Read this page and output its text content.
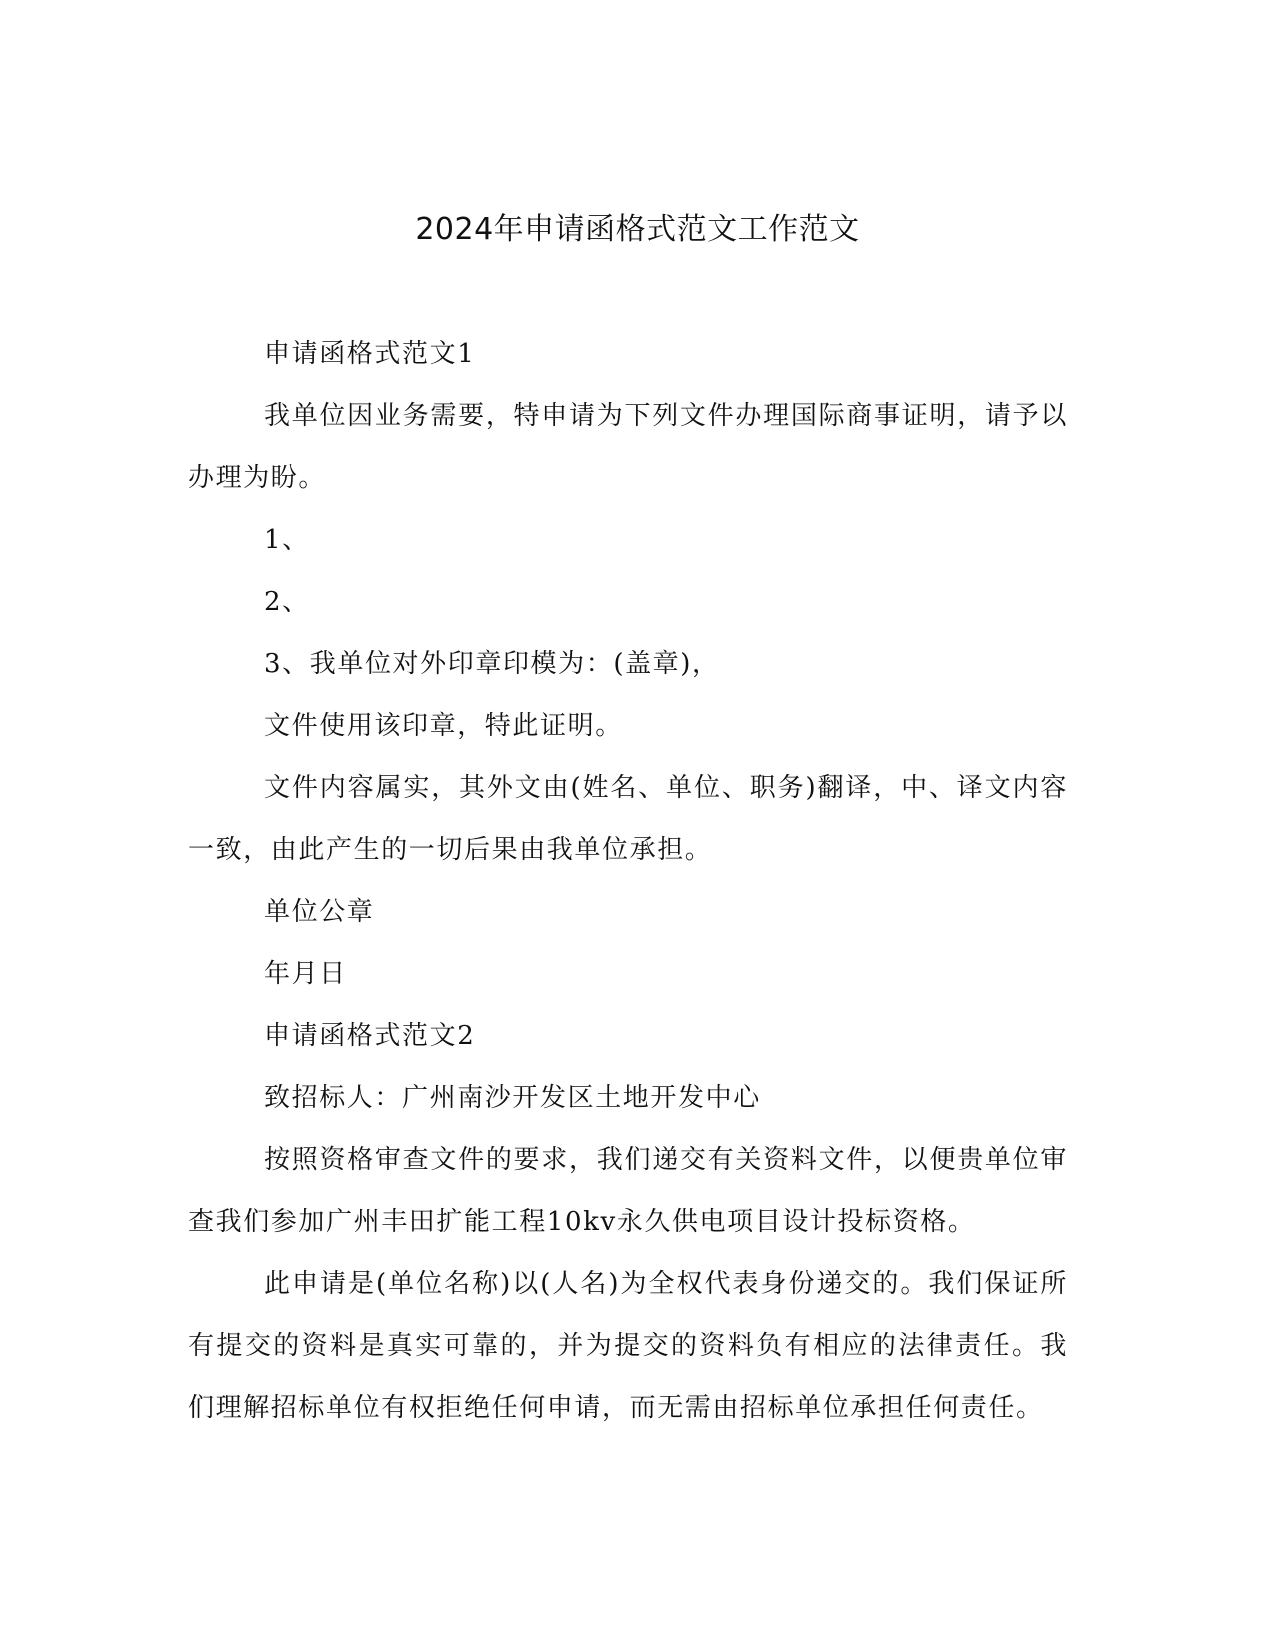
2024年申请函格式范文工作范文

申请函格式范文1

我单位因业务需要，特申请为下列文件办理国际商事证明，请予以办理为盼。

1、

2、

3、我单位对外印章印模为：(盖章)，

文件使用该印章，特此证明。

文件内容属实，其外文由(姓名、单位、职务)翻译，中、译文内容一致，由此产生的一切后果由我单位承担。

单位公章

年月日

申请函格式范文2

致招标人：广州南沙开发区土地开发中心

按照资格审查文件的要求，我们递交有关资料文件，以便贵单位审查我们参加广州丰田扩能工程10kv永久供电项目设计投标资格。

此申请是(单位名称)以(人名)为全权代表身份递交的。我们保证所有提交的资料是真实可靠的，并为提交的资料负有相应的法律责任。我们理解招标单位有权拒绝任何申请，而无需由招标单位承担任何责任。
